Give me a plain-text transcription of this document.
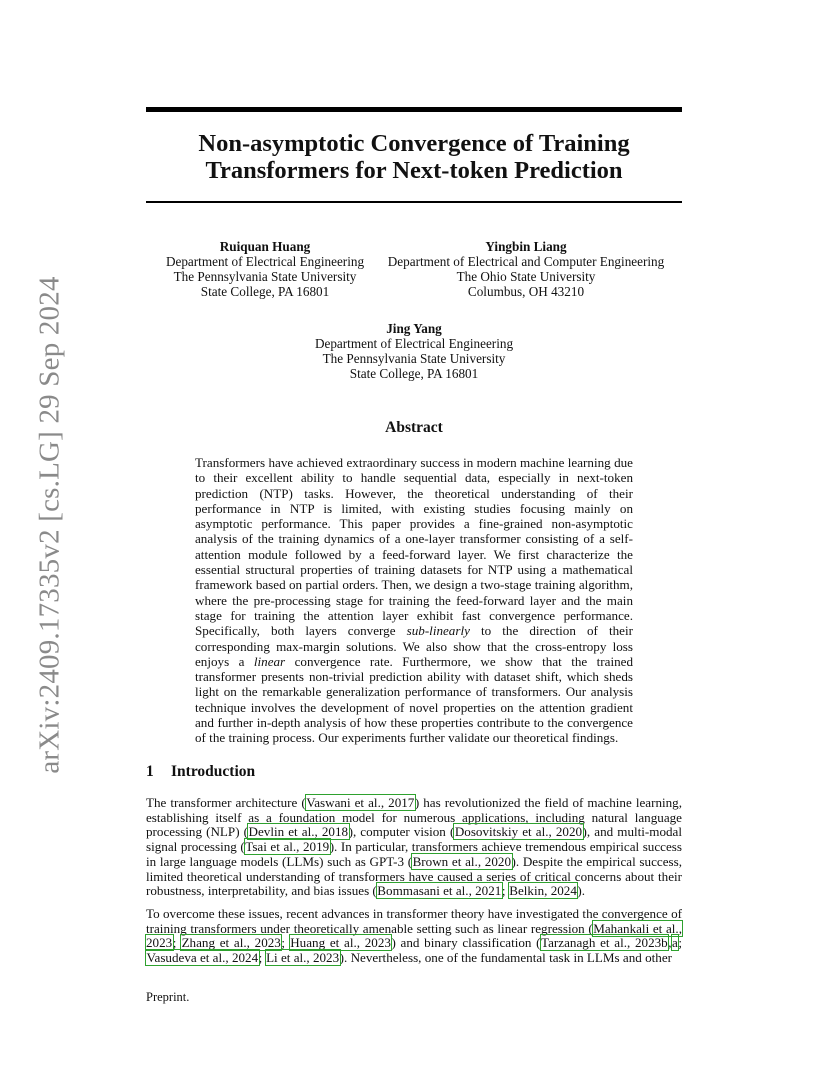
arXiv:2409.17335v2 [cs.LG] 29 Sep 2024
Non-asymptotic Convergence of Training Transformers for Next-token Prediction
Ruiquan Huang
Department of Electrical Engineering
The Pennsylvania State University
State College, PA 16801
Yingbin Liang
Department of Electrical and Computer Engineering
The Ohio State University
Columbus, OH 43210
Jing Yang
Department of Electrical Engineering
The Pennsylvania State University
State College, PA 16801
Abstract

Transformers have achieved extraordinary success in modern machine learning due to their excellent ability to handle sequential data, especially in next-token prediction (NTP) tasks. However, the theoretical understanding of their performance in NTP is limited, with existing studies focusing mainly on asymptotic performance. This paper provides a fine-grained non-asymptotic analysis of the training dynamics of a one-layer transformer consisting of a self-attention module followed by a feed-forward layer. We first characterize the essential structural properties of training datasets for NTP using a mathematical framework based on partial orders. Then, we design a two-stage training algorithm, where the pre-processing stage for training the feed-forward layer and the main stage for training the attention layer exhibit fast convergence performance. Specifically, both layers converge sub-linearly to the direction of their corresponding max-margin solutions. We also show that the cross-entropy loss enjoys a linear convergence rate. Furthermore, we show that the trained transformer presents non-trivial prediction ability with dataset shift, which sheds light on the remarkable generalization performance of transformers. Our analysis technique involves the development of novel properties on the attention gradient and further in-depth analysis of how these properties contribute to the convergence of the training process. Our experiments further validate our theoretical findings.

1 Introduction

The transformer architecture (Vaswani et al., 2017) has revolutionized the field of machine learning, establishing itself as a foundation model for numerous applications, including natural language processing (NLP) (Devlin et al., 2018), computer vision (Dosovitskiy et al., 2020), and multi-modal signal processing (Tsai et al., 2019). In particular, transformers achieve tremendous empirical success in large language models (LLMs) such as GPT-3 (Brown et al., 2020). Despite the empirical success, limited theoretical understanding of transformers have caused a series of critical concerns about their robustness, interpretability, and bias issues (Bommasani et al., 2021; Belkin, 2024).

To overcome these issues, recent advances in transformer theory have investigated the convergence of training transformers under theoretically amenable setting such as linear regression (Mahankali et al., 2023; Zhang et al., 2023; Huang et al., 2023) and binary classification (Tarzanagh et al., 2023b,a; Vasudeva et al., 2024; Li et al., 2023). Nevertheless, one of the fundamental task in LLMs and other

Preprint.
